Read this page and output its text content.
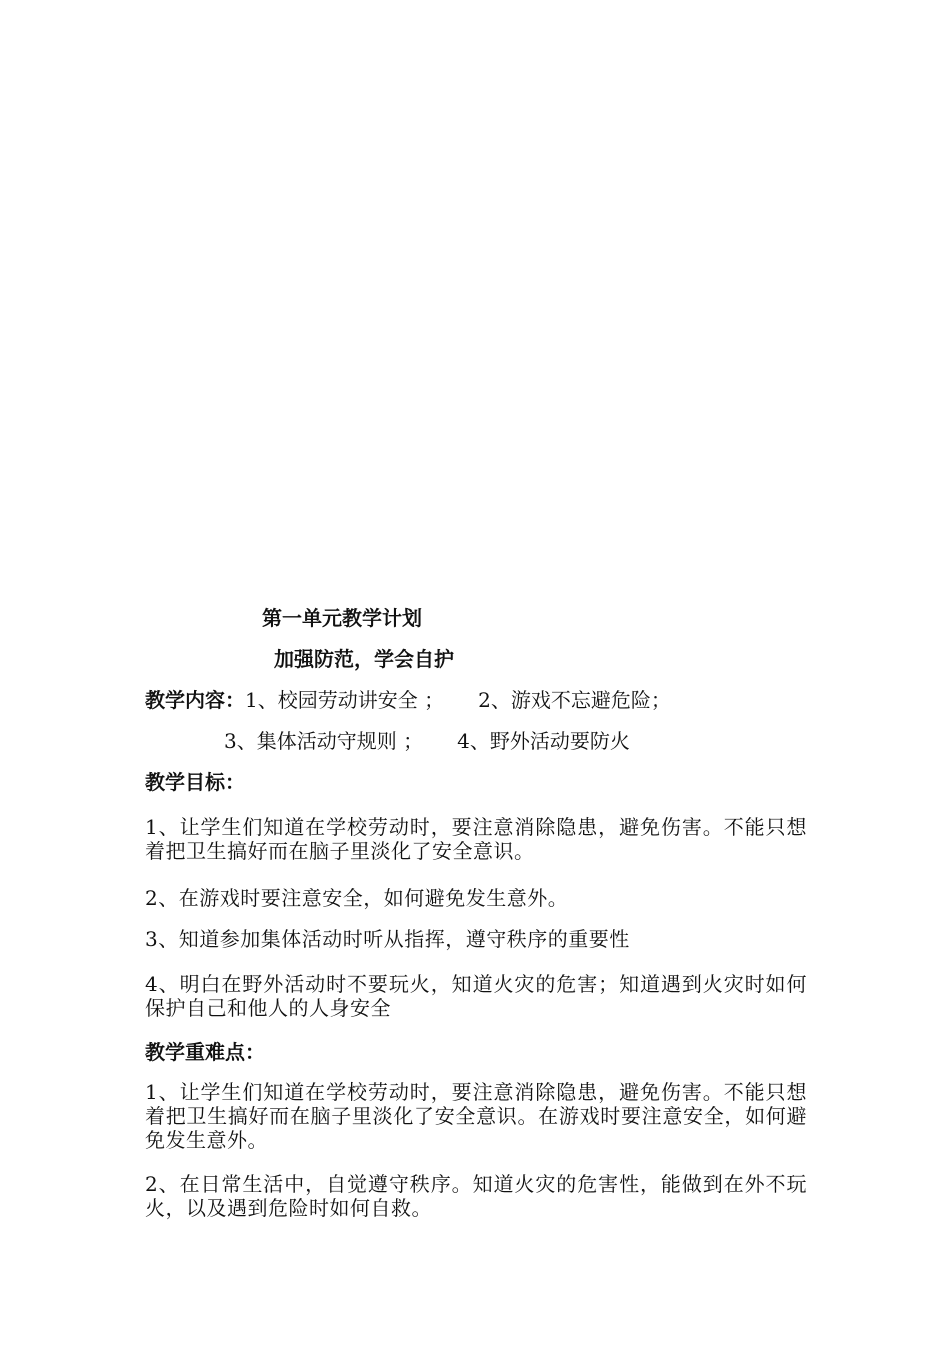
第一单元教学计划
加强防范，学会自护
教学内容：1、校园劳动讲安全 ； 2、游戏不忘避危险；
3、集体活动守规则 ； 4、野外活动要防火
教学目标：
1、让学生们知道在学校劳动时，要注意消除隐患，避免伤害。不能只想着把卫生搞好而在脑子里淡化了安全意识。
2、在游戏时要注意安全，如何避免发生意外。
3、知道参加集体活动时听从指挥，遵守秩序的重要性
4、明白在野外活动时不要玩火，知道火灾的危害；知道遇到火灾时如何保护自己和他人的人身安全
教学重难点：
1、让学生们知道在学校劳动时，要注意消除隐患，避免伤害。不能只想着把卫生搞好而在脑子里淡化了安全意识。在游戏时要注意安全，如何避免发生意外。
2、在日常生活中，自觉遵守秩序。知道火灾的危害性，能做到在外不玩火，以及遇到危险时如何自救。
